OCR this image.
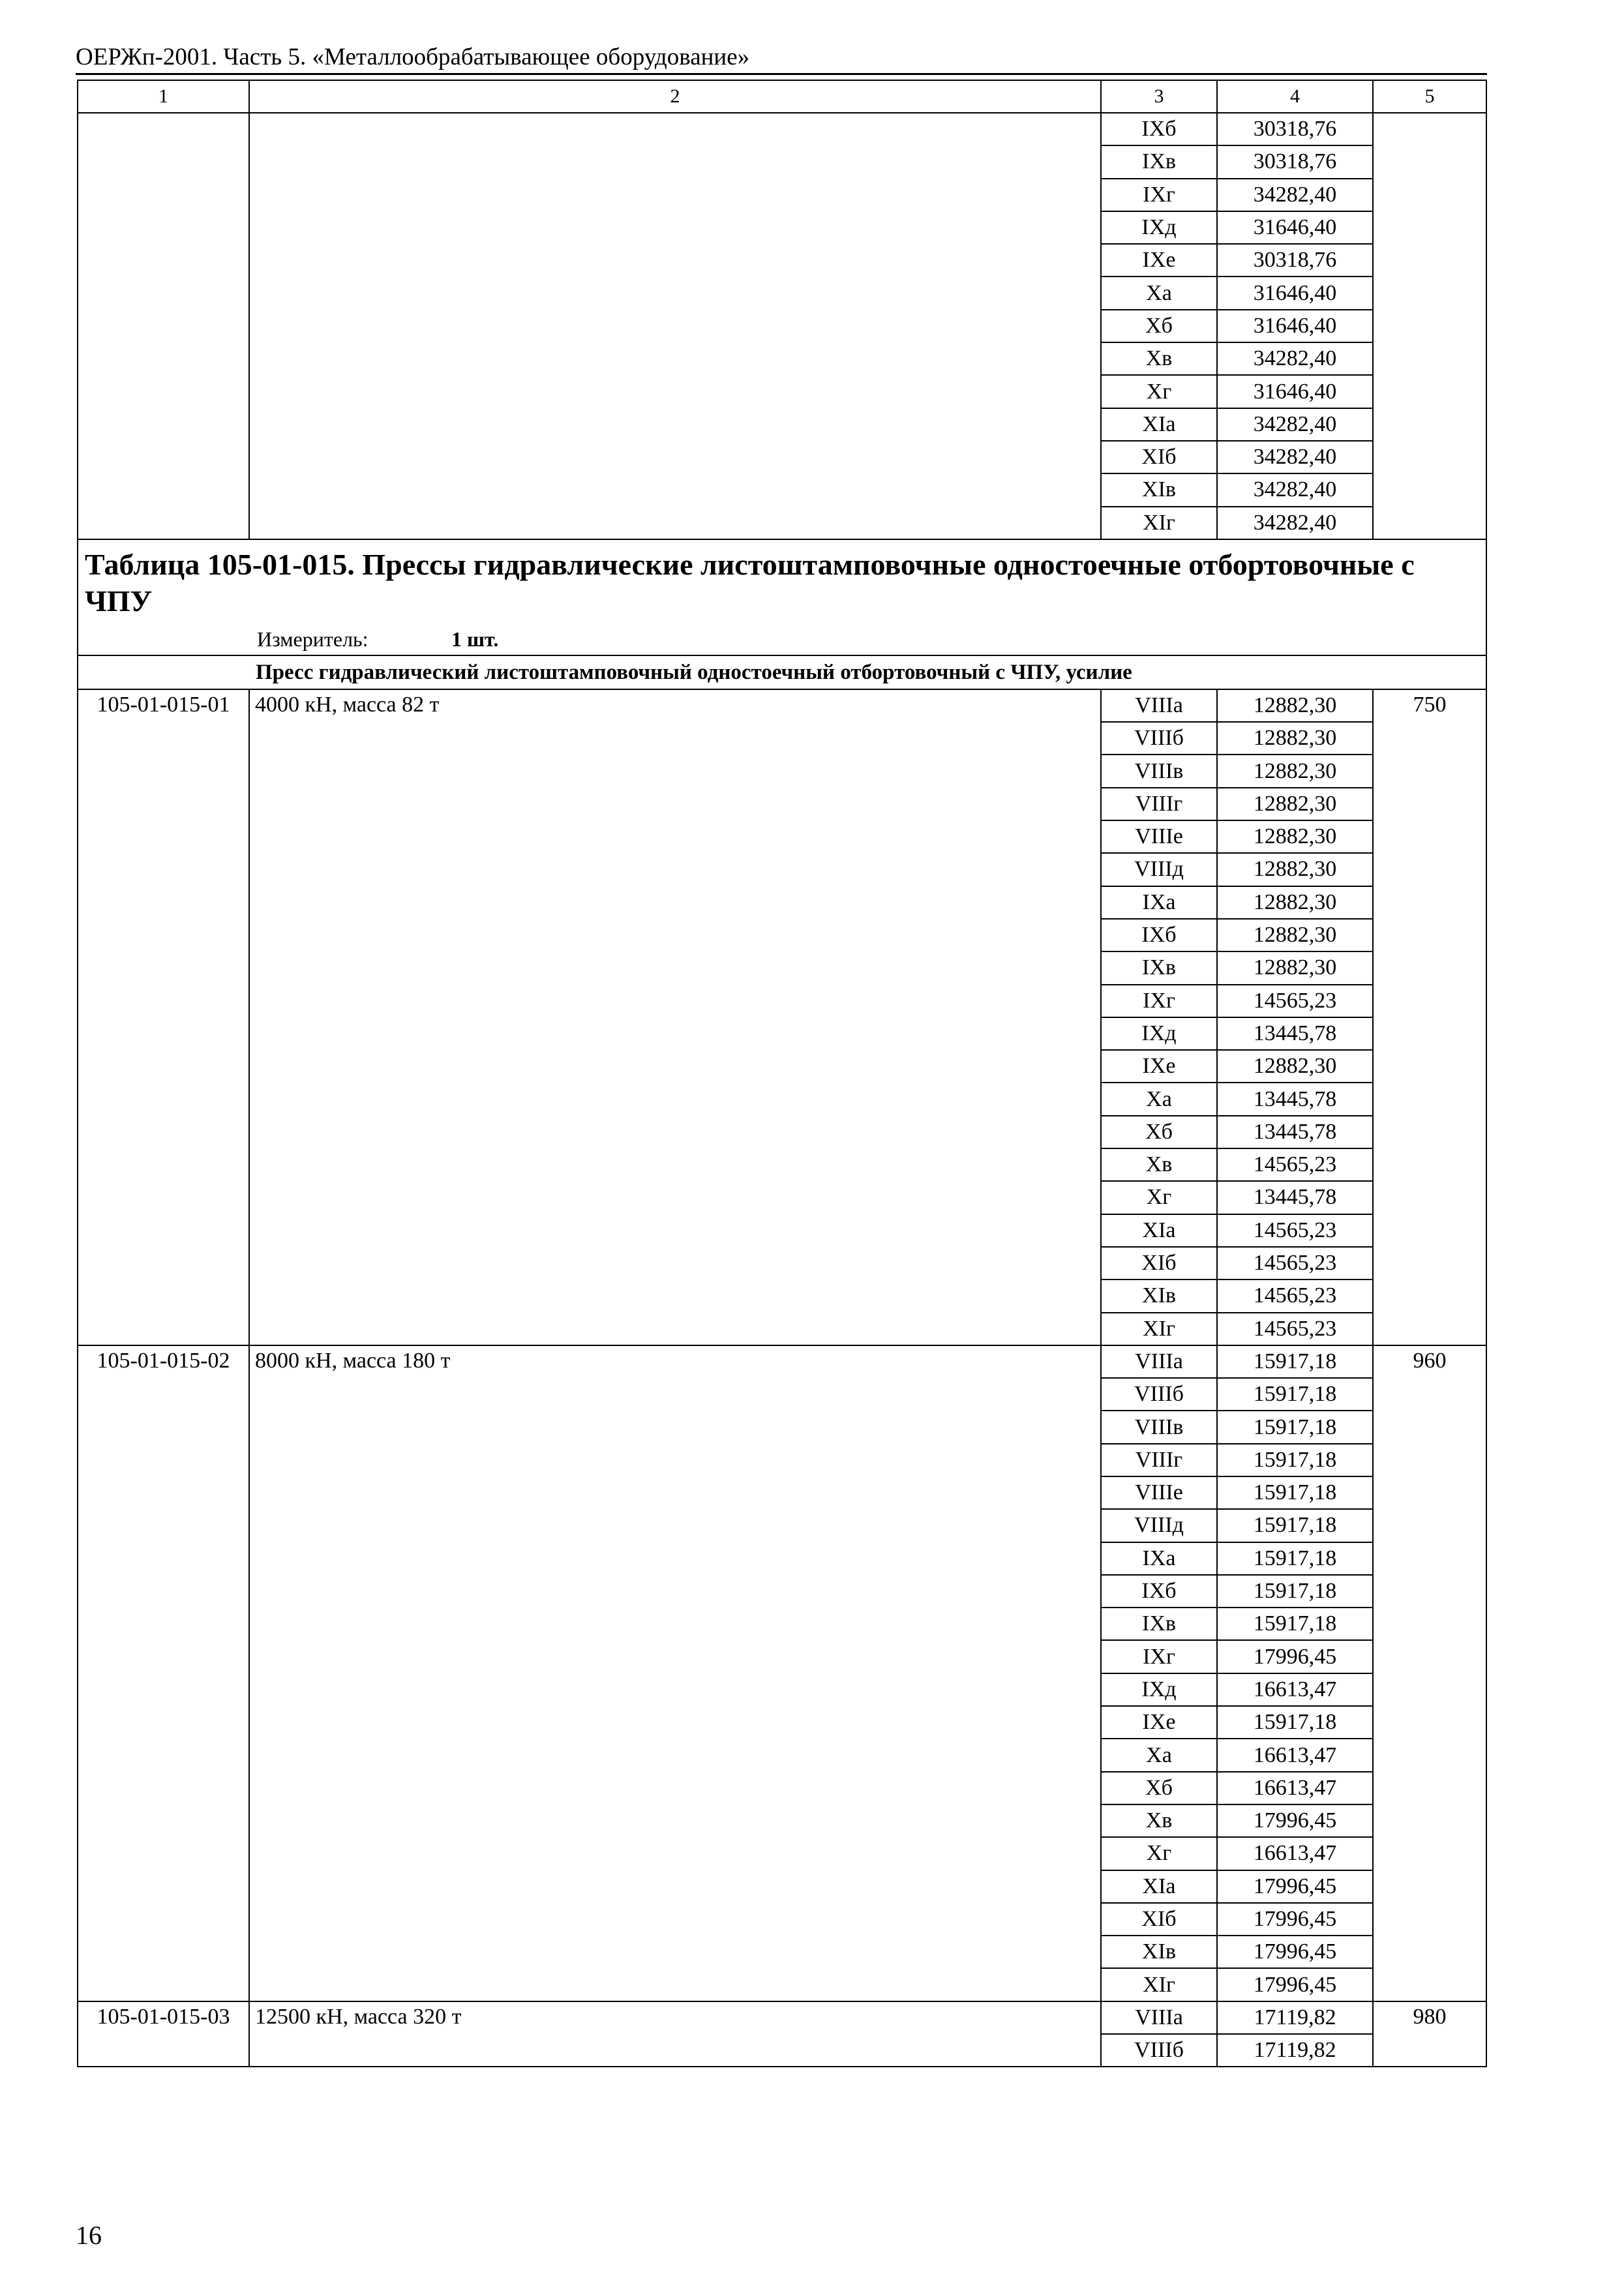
ОЕРЖп-2001. Часть 5. «Металлообрабатывающее оборудование»
1	2	3	4	5
		IXб	30318,76	
		IXв	30318,76	
		IXг	34282,40	
		IXд	31646,40	
		IXе	30318,76	
		Xа	31646,40	
		Xб	31646,40	
		Xв	34282,40	
		Xг	31646,40	
		XIа	34282,40	
		XIб	34282,40	
		XIв	34282,40	
		XIг	34282,40	
Таблица 105-01-015. Прессы гидравлические листоштамповочные одностоечные отбортовочные с ЧПУ				
Измеритель: 1 шт.				
Пресс гидравлический листоштамповочный одностоечный отбортовочный с ЧПУ, усилие				
105-01-015-01	4000 кН, масса 82 т	VIIIа	12882,30	750
		VIIIб	12882,30	
		VIIIв	12882,30	
		VIIIг	12882,30	
		VIIIе	12882,30	
		VIIIд	12882,30	
		IXа	12882,30	
		IXб	12882,30	
		IXв	12882,30	
		IXг	14565,23	
		IXд	13445,78	
		IXе	12882,30	
		Xа	13445,78	
		Xб	13445,78	
		Xв	14565,23	
		Xг	13445,78	
		XIа	14565,23	
		XIб	14565,23	
		XIв	14565,23	
		XIг	14565,23	
105-01-015-02	8000 кН, масса 180 т	VIIIа	15917,18	960
		VIIIб	15917,18	
		VIIIв	15917,18	
		VIIIг	15917,18	
		VIIIе	15917,18	
		VIIIд	15917,18	
		IXа	15917,18	
		IXб	15917,18	
		IXв	15917,18	
		IXг	17996,45	
		IXд	16613,47	
		IXе	15917,18	
		Xа	16613,47	
		Xб	16613,47	
		Xв	17996,45	
		Xг	16613,47	
		XIа	17996,45	
		XIб	17996,45	
		XIв	17996,45	
		XIг	17996,45	
105-01-015-03	12500 кН, масса 320 т	VIIIа	17119,82	980
		VIIIб	17119,82	
16
